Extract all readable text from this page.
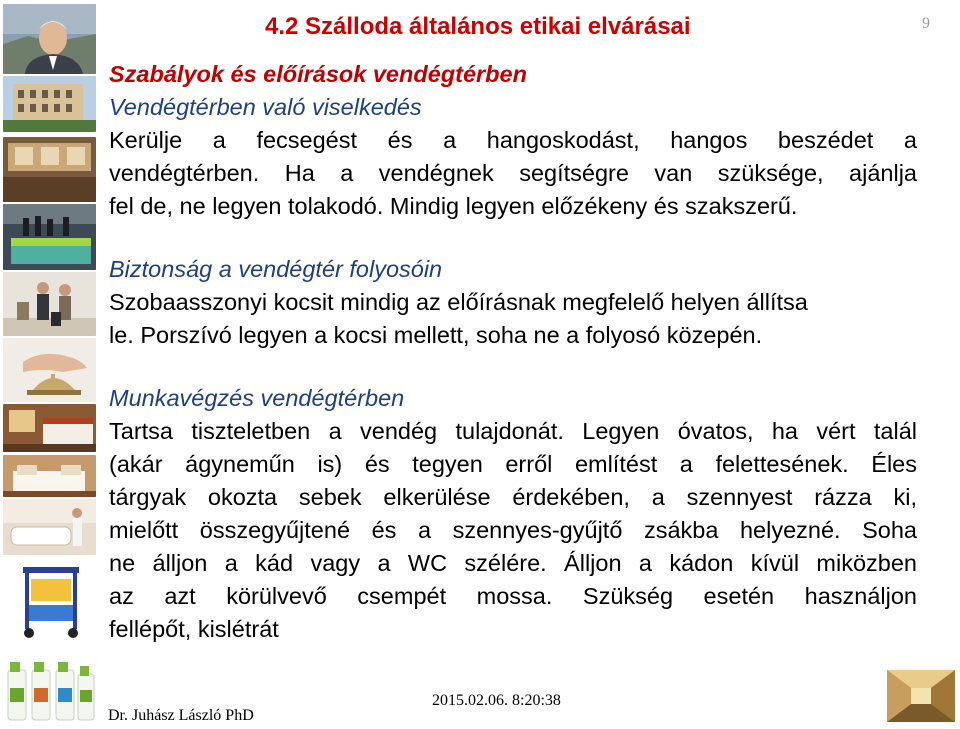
4.2 Szálloda általános etikai elvárásai	9
Szabályok és előírások vendégtérben
Vendégtérben való viselkedés
Kerülje a fecsegést és a hangoskodást, hangos beszédet a
vendégtérben. Ha a vendégnek segítségre van szüksége, ajánlja
fel de, ne legyen tolakodó. Mindig legyen előzékeny és szakszerű.
Biztonság a vendégtér folyosóin
Szobaasszonyi kocsit mindig az előírásnak megfelelő helyen állítsa
le. Porszívó legyen a kocsi mellett, soha ne a folyosó közepén.
Munkavégzés vendégtérben
Tartsa tiszteletben a vendég tulajdonát. Legyen óvatos, ha vért talál
(akár ágyneműn is) és tegyen erről említést a felettesének. Éles
tárgyak okozta sebek elkerülése érdekében, a szennyest rázza ki,
mielőtt összegyűjtené és a szennyes-gyűjtő zsákba helyezné. Soha
ne álljon a kád vagy a WC szélére. Álljon a kádon kívül miközben
az azt körülvevő csempét mossa. Szükség esetén használjon
fellépőt, kislétrát
2015.02.06. 8:20:38
Dr. Juhász László PhD
